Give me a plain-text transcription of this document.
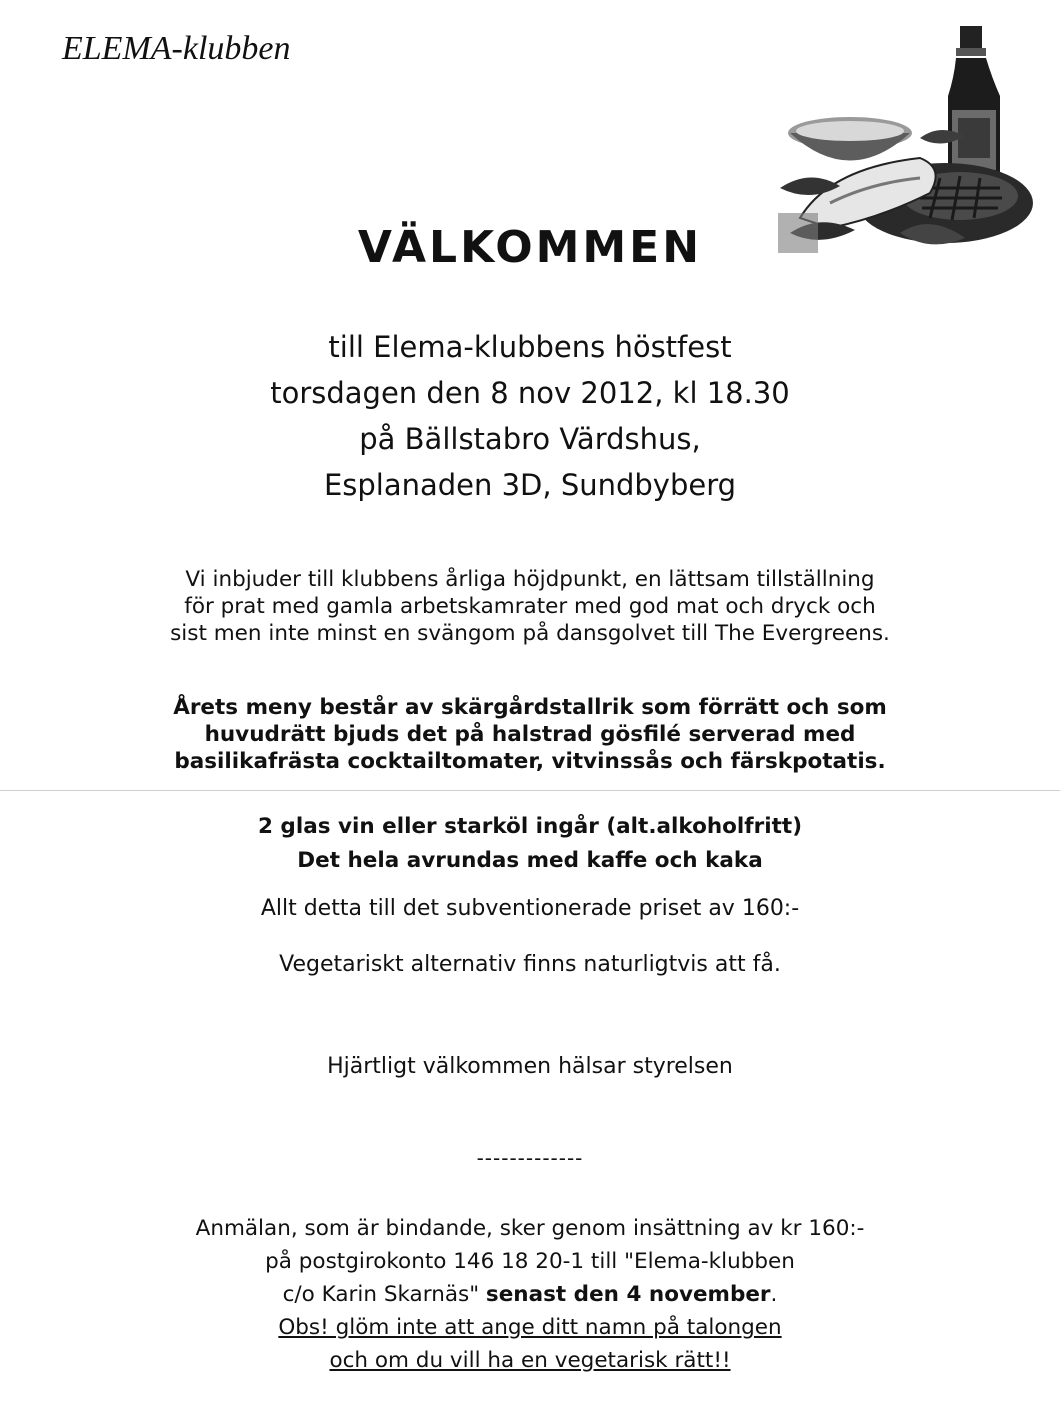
ELEMA-klubben
VÄLKOMMEN
till Elema-klubbens höstfest
torsdagen den 8 nov 2012, kl 18.30
på Bällstabro Värdshus,
Esplanaden 3D, Sundbyberg
Vi inbjuder till klubbens årliga höjdpunkt, en lättsam tillställning
för prat med gamla arbetskamrater med god mat och dryck och
sist men inte minst en svängom på dansgolvet till The Evergreens.
Årets meny består av skärgårdstallrik som förrätt och som
huvudrätt bjuds det på halstrad gösfilé serverad med
basilikafrästa cocktailtomater, vitvinssås och färskpotatis.
2 glas vin eller starköl ingår (alt.alkoholfritt)
Det hela avrundas med kaffe och kaka
Allt detta till det subventionerade priset av 160:-
Vegetariskt alternativ finns naturligtvis att få.
Hjärtligt välkommen hälsar styrelsen
-------------
Anmälan, som är bindande, sker genom insättning av kr 160:-
på postgirokonto 146 18 20-1 till "Elema-klubben
c/o Karin Skarnäs" senast den 4 november.
Obs! glöm inte att ange ditt namn på talongen
och om du vill ha en vegetarisk rätt!!
